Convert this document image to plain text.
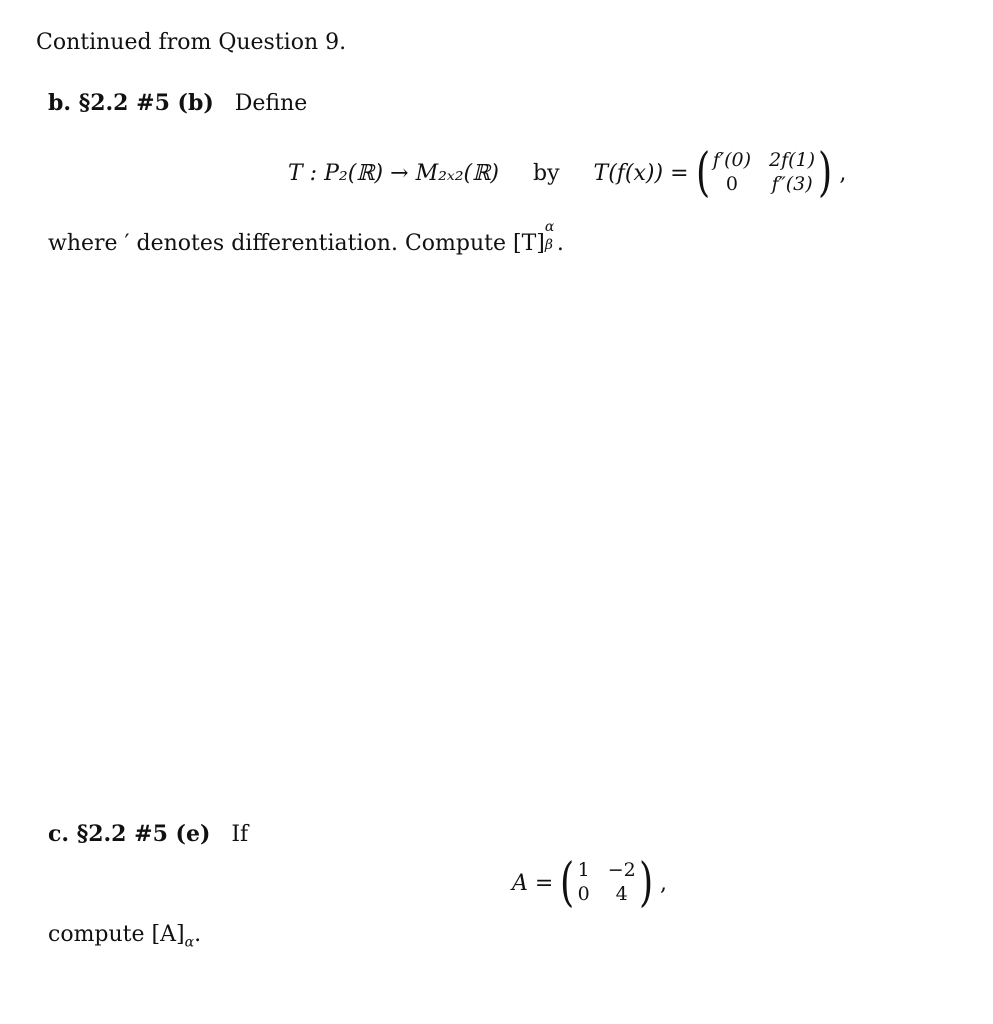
Continued from Question 9.
b. §2.2 #5 (b) Define
T : P₂(ℝ) → M₂ₓ₂(ℝ) by T(f(x)) = ( f′(0) 2f(1)
0	f″(3) ) ,
where ′ denotes differentiation. Compute [T]
α
β .
c. §2.2 #5 (e) If
A = ( 1 −2
0	4 ) ,
compute $[A]_\alpha$.
